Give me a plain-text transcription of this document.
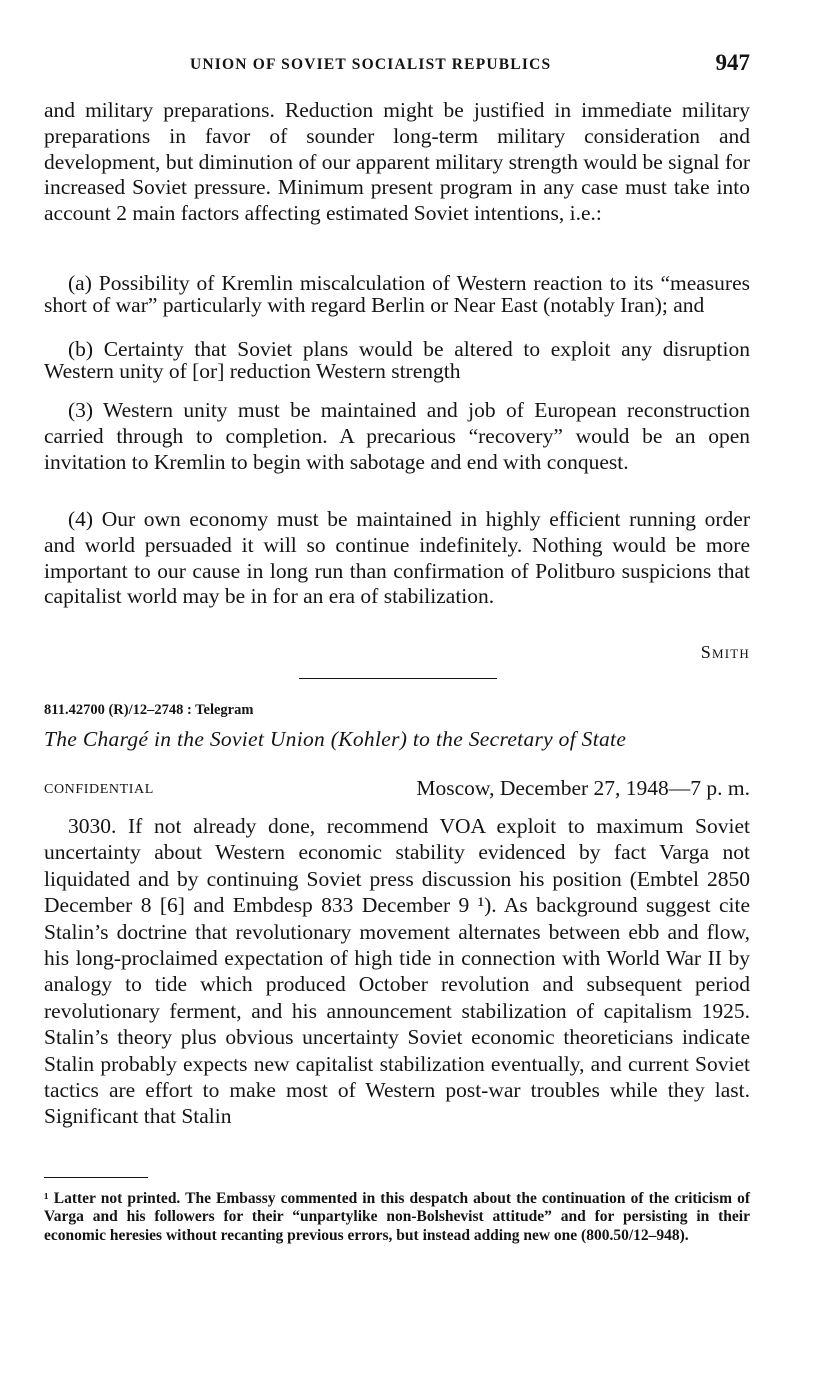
UNION OF SOVIET SOCIALIST REPUBLICS	947
and military preparations. Reduction might be justified in immediate military preparations in favor of sounder long-term military consideration and development, but diminution of our apparent military strength would be signal for increased Soviet pressure. Minimum present program in any case must take into account 2 main factors affecting estimated Soviet intentions, i.e.:
(a) Possibility of Kremlin miscalculation of Western reaction to its “measures short of war” particularly with regard Berlin or Near East (notably Iran); and
(b) Certainty that Soviet plans would be altered to exploit any disruption Western unity of [or] reduction Western strength
(3) Western unity must be maintained and job of European reconstruction carried through to completion. A precarious “recovery” would be an open invitation to Kremlin to begin with sabotage and end with conquest.
(4) Our own economy must be maintained in highly efficient running order and world persuaded it will so continue indefinitely. Nothing would be more important to our cause in long run than confirmation of Politburo suspicions that capitalist world may be in for an era of stabilization.
Smith
811.42700 (R)/12–2748 : Telegram
The Chargé in the Soviet Union (Kohler) to the Secretary of State
CONFIDENTIAL	Moscow, December 27, 1948—7 p. m.
3030. If not already done, recommend VOA exploit to maximum Soviet uncertainty about Western economic stability evidenced by fact Varga not liquidated and by continuing Soviet press discussion his position (Embtel 2850 December 8 [6] and Embdesp 833 December 9 ¹). As background suggest cite Stalin’s doctrine that revolutionary movement alternates between ebb and flow, his long-proclaimed expectation of high tide in connection with World War II by analogy to tide which produced October revolution and subsequent period revolutionary ferment, and his announcement stabilization of capitalism 1925. Stalin’s theory plus obvious uncertainty Soviet economic theoreticians indicate Stalin probably expects new capitalist stabilization eventually, and current Soviet tactics are effort to make most of Western post-war troubles while they last. Significant that Stalin
¹ Latter not printed. The Embassy commented in this despatch about the continuation of the criticism of Varga and his followers for their “unpartylike non-Bolshevist attitude” and for persisting in their economic heresies without recanting previous errors, but instead adding new one (800.50/12–948).
